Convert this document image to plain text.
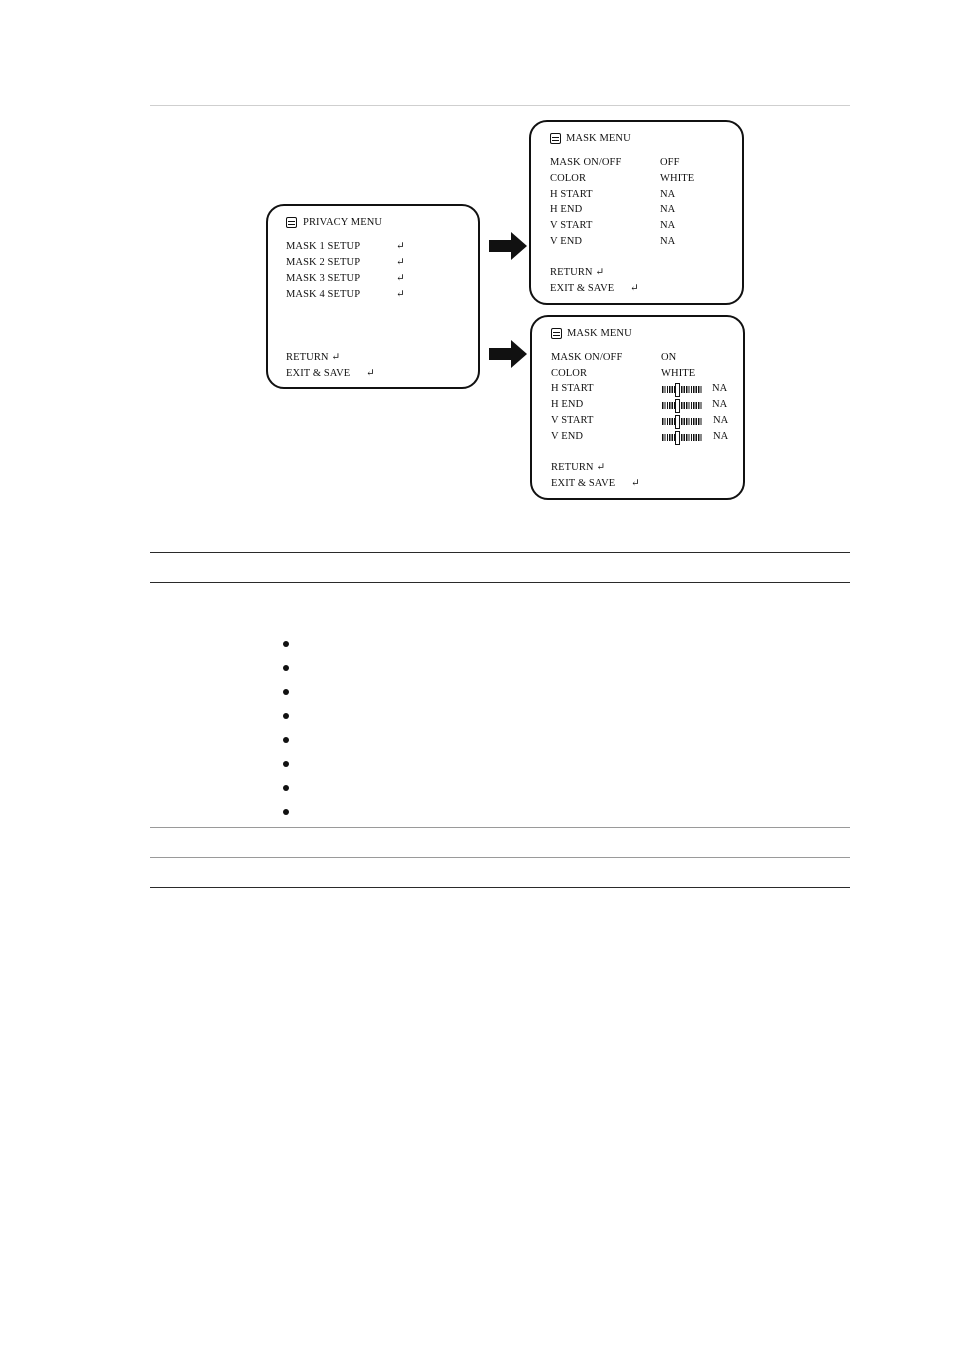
PRIVACY MENU
MASK 1 SETUP	↵
MASK 2 SETUP	↵
MASK 3 SETUP	↵
MASK 4 SETUP	↵
RETURN ↵
EXIT & SAVE ↵
MASK MENU
MASK ON/OFF	OFF
COLOR	WHITE
H START	NA
H END	NA
V START	NA
V END	NA
RETURN ↵
EXIT & SAVE ↵
MASK MENU
MASK ON/OFF	ON
COLOR	WHITE
H START	NA
H END	NA
V START	NA
V END	NA
RETURN ↵
EXIT & SAVE ↵
